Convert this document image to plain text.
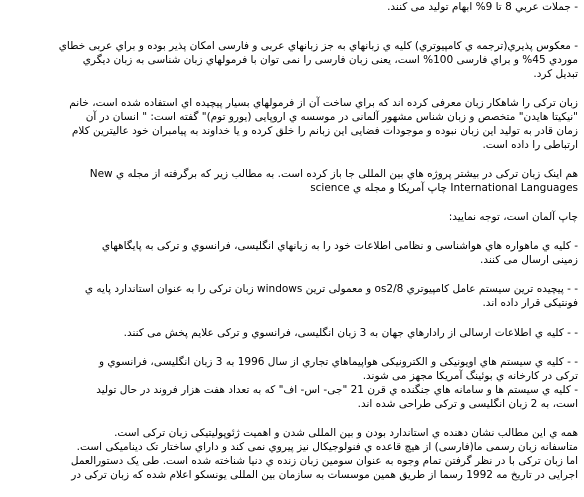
- جملات عربي 8 تا 9% ابهام تولید می کنند.
- معکوس پذیري(ترجمه ي کامپیوتري) کلیه ي زبانهاي به جز زبانهاي عربی و فارسی امکان پذیر بوده و براي عربی خطاي
موردي 45% و براي فارسی 100% است، یعنی زبان فارسی را نمی توان با فرمولهاي زبان شناسی به زبان دیگري
تبدیل کرد.
زبان ترکی را شاهکار زبان معرفی کرده اند که براي ساخت آن از فرمولهاي بسیار پیچیده اي استفاده شده است، خانم
"نیکیتا هایدن" متخصص و زبان شناس مشهور آلمانی در موسسه ي اروپایی (یورو توم)" گفته است: " انسان در آن
زمان قادر به تولید این زبان نبوده و موجودات فضایی این زبانم را خلق کرده و یا خداوند به پیامبران خود عالیترین کلام
ارتباطی را داده است.
هم اینک زبان ترکی در بیشتر پروژه هاي بین المللی جا باز کرده است. به مطالب زیر که برگرفته از مجله ي New
International Languages چاپ آمریکا و مجله ي science
چاپ آلمان است، توجه نمایید:
- کلیه ي ماهواره هاي هواشناسی و نظامی اطلاعات خود را به زبانهاي انگلیسی، فرانسوي و ترکی به پایگاههاي
زمینی ارسال می کنند.
- - پیچیده ترین سیستم عامل کامپیوتري os2/8 و معمولی ترین windows زبان ترکی را به عنوان استاندارد پایه ي
فونتیکی قرار داده اند.
- - کلیه ي اطلاعات ارسالی از رادارهاي جهان به 3 زبان انگلیسی، فرانسوي و ترکی علایم پخش می کنند.
- - کلیه ي سیستم هاي اویونیکی و الکترونیکی هواپیماهاي تجاري از سال 1996 به 3 زبان انگلیسی، فرانسوي و
ترکی در کارخانه ي بوئینگ آمریکا مجهز می شوند.
- کلیه ي سیستم ها و سامانه هاي جنگنده ي قرن 21 "جی- اس- اف" که به تعداد هفت هزار فروند در حال تولید
است، به 2 زبان انگلیسی و ترکی طراحی شده اند.
همه ي این مطالب نشان دهنده ي استاندارد بودن و بین المللی شدن و اهمیت ژئوپولیتیکی زبان ترکی است.
متاسفانه زبان رسمی ما(فارسی) از هیچ قاعده ي فنولوجیکال نیز پیروي نمی کند و داراي ساختار تک دینامیکی است.
اما زبان ترکی با در نظر گرفتن تمام وجوه به عنوان سومین زبان زنده ي دنیا شناخته شده است. طی یک دستورالعمل
اجرایی در تاریخ مه 1992 رسما از طریق همین موسسات به سازمان بین المللی یونسکو اعلام شده که زبان ترکی در
